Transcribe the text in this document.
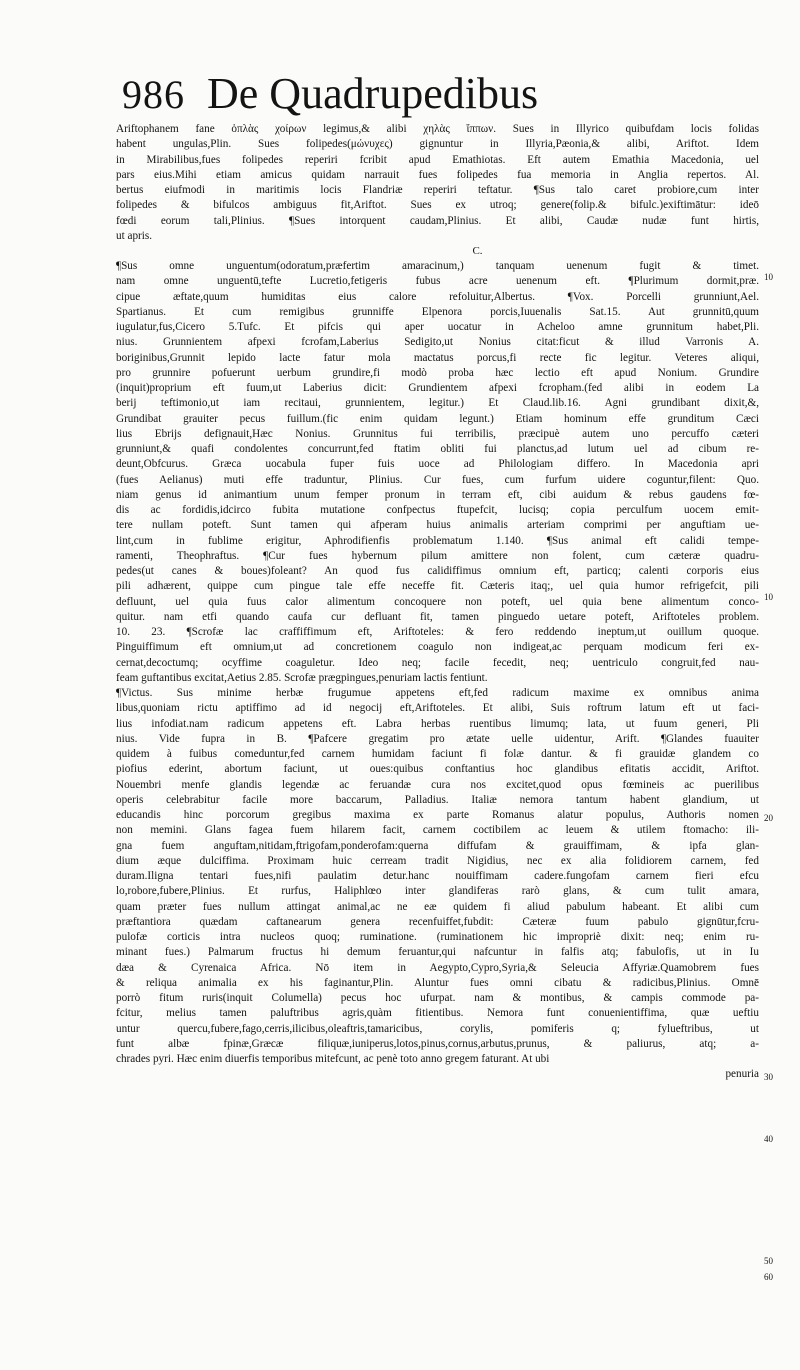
986 De Quadrupedibus
Ariftophanem fane ὁπλὰς χοίρων legimus,& alibi χηλὰς ἵππων. Sues in Illyrico quibufdam locis folidas
habent ungulas,Plin. Sues folipedes(μώνυχες) gignuntur in Illyria,Pæonia,& alibi, Ariftot. Idem
in Mirabilibus,fues folipedes reperiri fcribit apud Emathiotas. Eft autem Emathia Macedonia, uel
pars eius.Mihi etiam amicus quidam narrauit fues folipedes fua memoria in Anglia repertos. Al.
bertus eiufmodi in maritimis locis Flandriæ reperiri teftatur. ¶Sus talo caret probiore,cum inter
folipedes & bifulcos ambiguus fit,Ariftot. Sues ex utroq; genere(folip.& bifulc.)exiftimātur: ideō
fœdi eorum tali,Plinius. ¶Sues intorquent caudam,Plinius. Et alibi, Caudæ nudæ funt hirtis,
ut apris.
C.
¶Sus omne unguentum(odoratum,præfertim amaracinum,) tanquam uenenum fugit & timet.
nam omne unguentū,tefte Lucretio,fetigeris fubus acre uenenum eft. ¶Plurimum dormit,præ.
cipue æftate,quum humiditas eius calore refoluitur,Albertus. ¶Vox. Porcelli grunniunt,Ael.
Spartianus. Et cum remigibus grunniffe Elpenora porcis,Iuuenalis Sat.15. Aut grunnitū,quum
iugulatur,fus,Cicero 5.Tufc. Et pifcis qui aper uocatur in Acheloo amne grunnitum habet,Pli.
nius. Grunnientem afpexi fcrofam,Laberius Sedigito,ut Nonius citat:ficut & illud Varronis A.
boriginibus,Grunnit lepido lacte fatur mola mactatus porcus,fi recte fic legitur. Veteres aliqui,
pro grunnire pofuerunt uerbum grundire,fi modò proba hæc lectio eft apud Nonium. Grundire
(inquit)proprium eft fuum,ut Laberius dicit: Grundientem afpexi fcropham.(fed alibi in eodem La
berij teftimonio,ut iam recitaui, grunnientem, legitur.) Et Claud.lib.16. Agni grundibant dixit,&,
Grundibat grauiter pecus fuillum.(fic enim quidam legunt.) Etiam hominum effe grunditum Cæci
lius Ebrijs defignauit,Hæc Nonius. Grunnitus fui terribilis, præcipuè autem uno percuffo cæteri
grunniunt,& quafi condolentes concurrunt,fed ftatim obliti fui planctus,ad lutum uel ad cibum re-
deunt,Obfcurus. Græca uocabula fuper fuis uoce ad Philologiam differo. In Macedonia apri
(fues Aelianus) muti effe traduntur, Plinius. Cur fues, cum furfum uidere coguntur,filent: Quo.
niam genus id animantium unum femper pronum in terram eft, cibi auidum & rebus gaudens fœ-
dis ac fordidis,idcirco fubita mutatione confpectus ftupefcit, lucisq; copia perculfum uocem emit-
tere nullam poteft. Sunt tamen qui afperam huius animalis arteriam comprimi per anguftiam ue-
lint,cum in fublime erigitur, Aphrodifienfis problematum 1.140. ¶Sus animal eft calidi tempe-
ramenti, Theophraftus. ¶Cur fues hybernum pilum amittere non folent, cum cæteræ quadru-
pedes(ut canes & boues)foleant? An quod fus calidiffimus omnium eft, particq; calenti corporis eius
pili adhærent, quippe cum pingue tale effe neceffe fit. Cæteris itaq;, uel quia humor refrigefcit, pili
defluunt, uel quia fuus calor alimentum concoquere non poteft, uel quia bene alimentum conco-
quitur. nam etfi quando caufa cur defluant fit, tamen pinguedo uetare poteft, Ariftoteles problem.
10. 23. ¶Scrofæ lac craffiffimum eft, Ariftoteles: & fero reddendo ineptum,ut ouillum quoque.
Pinguiffimum eft omnium,ut ad concretionem coagulo non indigeat,ac perquam modicum feri ex-
cernat,decoctumq; ocyffime coaguletur. Ideo neq; facile fecedit, neq; uentriculo congruit,fed nau-
feam guftantibus excitat,Aetius 2.85. Scrofæ prægpingues,penuriam lactis fentiunt.
¶Victus. Sus minime herbæ frugumue appetens eft,fed radicum maxime ex omnibus anima
libus,quoniam rictu aptiffimo ad id negocij eft,Ariftoteles. Et alibi, Suis roftrum latum eft ut faci-
lius infodiat.nam radicum appetens eft. Labra herbas ruentibus limumq; lata, ut fuum generi, Pli
nius. Vide fupra in B. ¶Pafcere gregatim pro ætate uelle uidentur, Arift. ¶Glandes fuauiter
quidem à fuibus comeduntur,fed carnem humidam faciunt fi folæ dantur. & fi grauidæ glandem co
piofius ederint, abortum faciunt, ut oues:quibus conftantius hoc glandibus efitatis accidit, Ariftot.
Nouembri menfe glandis legendæ ac feruandæ cura nos excitet,quod opus fœmineis ac puerilibus
operis celebrabitur facile more baccarum, Palladius. Italiæ nemora tantum habent glandium, ut
educandis hinc porcorum gregibus maxima ex parte Romanus alatur populus, Authoris nomen
non memini. Glans fagea fuem hilarem facit, carnem coctibilem ac leuem & utilem ftomacho: ili-
gna fuem anguftam,nitidam,ftrigofam,ponderofam:querna diffufam & grauiffimam, & ipfa glan-
dium æque dulciffima. Proximam huic cerream tradit Nigidius, nec ex alia folidiorem carnem, fed
duram.Iligna tentari fues,nifi paulatim detur.hanc nouiffimam cadere.fungofam carnem fieri efcu
lo,robore,fubere,Plinius. Et rurfus, Haliphlœo inter glandiferas rarò glans, & cum tulit amara,
quam præter fues nullum attingat animal,ac ne eæ quidem fi aliud pabulum habeant. Et alibi cum
præftantiora quædam caftanearum genera recenfuiffet,fubdit: Cæteræ fuum pabulo gignūtur,fcru-
pulofæ corticis intra nucleos quoq; ruminatione. (ruminationem hic impropriè dixit: neq; enim ru-
minant fues.) Palmarum fructus hi demum feruantur,qui nafcuntur in falfis atq; fabulofis, ut in Iu
dæa & Cyrenaica Africa. Nō item in Aegypto,Cypro,Syria,& Seleucia Affyriæ.Quamobrem fues
& reliqua animalia ex his faginantur,Plin. Aluntur fues omni cibatu & radicibus,Plinius. Omnē
porrò fitum ruris(inquit Columella) pecus hoc ufurpat. nam & montibus, & campis commode pa-
fcitur, melius tamen paluftribus agris,quàm fitientibus. Nemora funt conuenientiffima, quæ ueftiu
untur quercu,fubere,fago,cerris,ilicibus,oleaftris,tamaricibus, corylis, pomiferis q; fylueftribus, ut
funt albæ fpinæ,Græcæ filiquæ,iuniperus,lotos,pinus,cornus,arbutus,prunus, & paliurus, atq; a-
chrades pyri. Hæc enim diuerfis temporibus mitefcunt, ac penè toto anno gregem faturant. At ubi
penuria
10
10
20
30
40
50
60
